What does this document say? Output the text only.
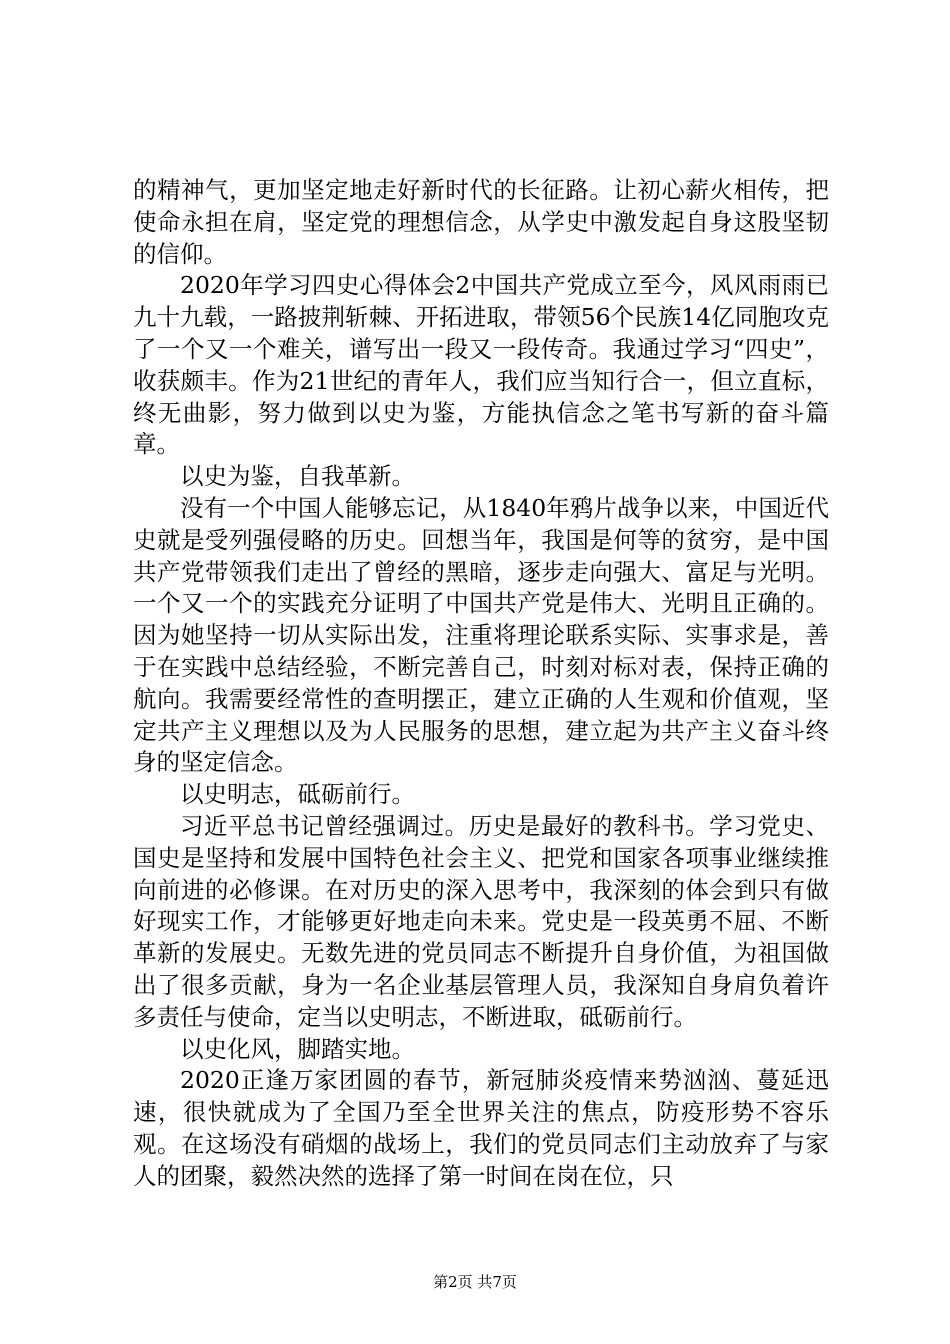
的精神气，更加坚定地走好新时代的长征路。让初心薪火相传，把使命永担在肩，坚定党的理想信念，从学史中激发起自身这股坚韧的信仰。

2020年学习四史心得体会2中国共产党成立至今，风风雨雨已九十九载，一路披荆斩棘、开拓进取，带领56个民族14亿同胞攻克了一个又一个难关，谱写出一段又一段传奇。我通过学习“四史”，收获颇丰。作为21世纪的青年人，我们应当知行合一，但立直标，终无曲影，努力做到以史为鉴，方能执信念之笔书写新的奋斗篇章。

以史为鉴，自我革新。

没有一个中国人能够忘记，从1840年鸦片战争以来，中国近代史就是受列强侵略的历史。回想当年，我国是何等的贫穷，是中国共产党带领我们走出了曾经的黑暗，逐步走向强大、富足与光明。一个又一个的实践充分证明了中国共产党是伟大、光明且正确的。因为她坚持一切从实际出发，注重将理论联系实际、实事求是，善于在实践中总结经验，不断完善自己，时刻对标对表，保持正确的航向。我需要经常性的查明摆正，建立正确的人生观和价值观，坚定共产主义理想以及为人民服务的思想，建立起为共产主义奋斗终身的坚定信念。

以史明志，砥砺前行。

习近平总书记曾经强调过。历史是最好的教科书。学习党史、国史是坚持和发展中国特色社会主义、把党和国家各项事业继续推向前进的必修课。在对历史的深入思考中，我深刻的体会到只有做好现实工作，才能够更好地走向未来。党史是一段英勇不屈、不断革新的发展史。无数先进的党员同志不断提升自身价值，为祖国做出了很多贡献，身为一名企业基层管理人员，我深知自身肩负着许多责任与使命，定当以史明志，不断进取，砥砺前行。

以史化风，脚踏实地。

2020正逢万家团圆的春节，新冠肺炎疫情来势汹汹、蔓延迅速，很快就成为了全国乃至全世界关注的焦点，防疫形势不容乐观。在这场没有硝烟的战场上，我们的党员同志们主动放弃了与家人的团聚，毅然决然的选择了第一时间在岗在位，只

第2页 共7页
